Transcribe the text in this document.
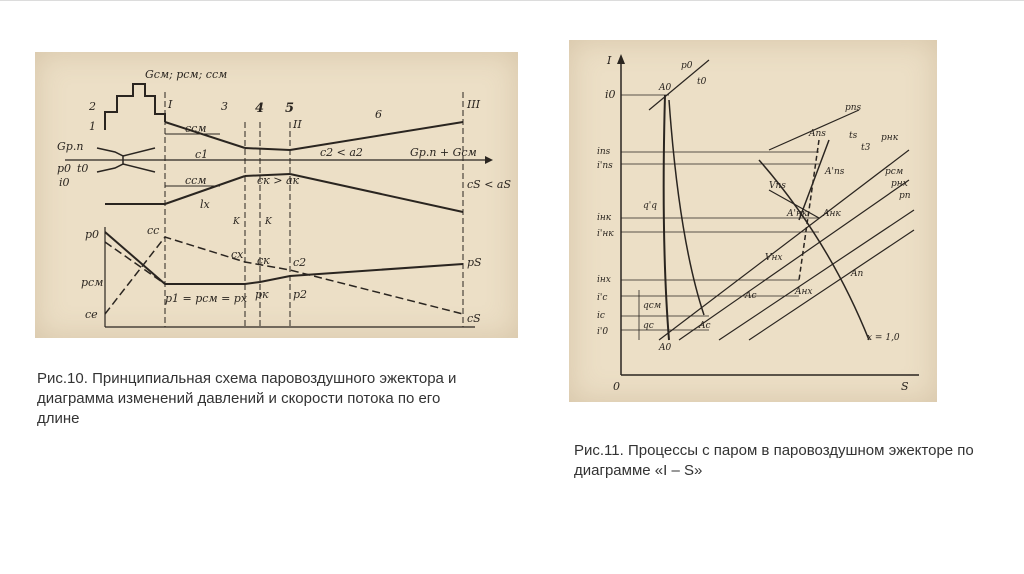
Gсм; pсм; cсм
2
1
3 4 5	6
I
II
III
Gр.п
p0 t0
i0
c1
cсм
cсм
c2 < a2
cк > aк	cS < aS
Gр.п + Gсм
lx
K	K
p0	cс
pсм
cе
cx cк c2	pS
p1 = pсм = pх pк p2
cS
I
S
0
i0
ins
i'ns
iнк
i'нк
iнх
i'с
iс
i'0
A0
A0
Aс
Aс
Ans
A'ns
Aнк
A'нк
Aнх
An
p0
t0
pns
pнк
pсм
pнх
pn
ts
t3
x = 1,0
qсм
qс
q'q
Vns
Vнх
Рис.10. Принципиальная схема паровоздушного эжектора и диаграмма изменений давлений и скорости потока по его длине
Рис.11. Процессы с паром в паровоздушном эжекторе по диаграмме «I – S»
